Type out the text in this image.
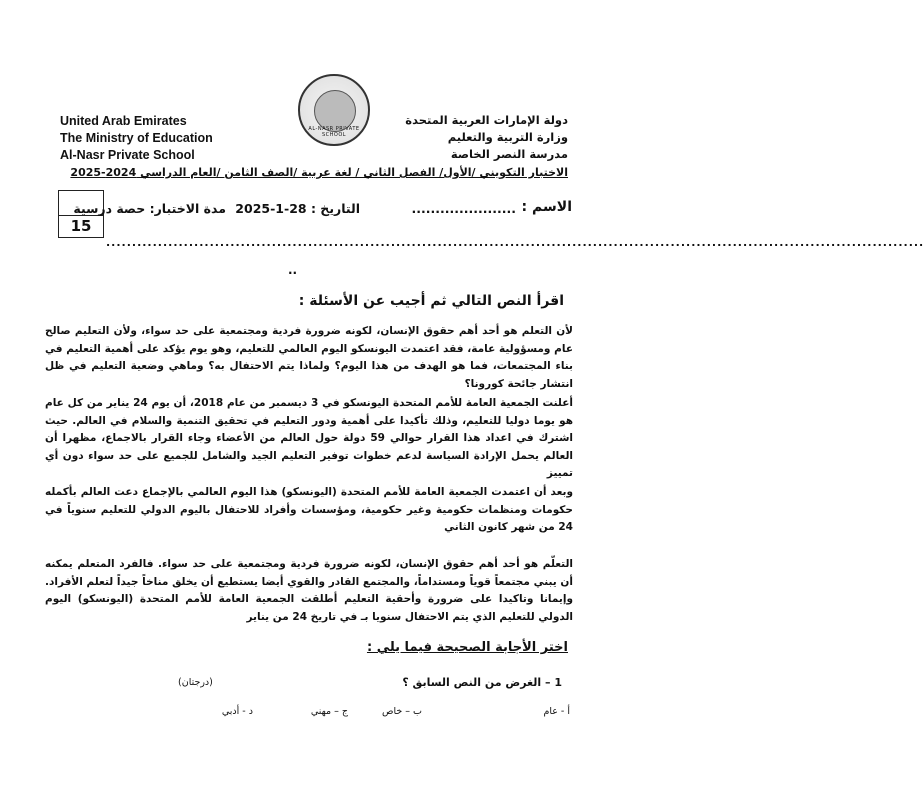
United Arab Emirates
The Ministry of Education
Al-Nasr Private School
AL-NASR PRIVATE SCHOOL
دولة الإمارات العربية المتحدة
وزارة التربية والتعليم
مدرسة النصر الخاصة
الاختبار التكويني /الأول/ الفصل الثاني / لغة عربية /الصف الثامن /العام الدراسي 2024-2025
15
الاسم :
......................
التاريخ : 28-1-2025
مدة الاختبار: حصة درسية
..............................................................................................................................................................
..
اقرأ النص التالي ثم أجيب عن الأسئلة :
لأن التعلم هو أحد أهم حقوق الإنسان، لكونه ضرورة فردية ومجتمعية على حد سواء، ولأن التعليم صالح عام ومسؤولية عامة، فقد اعتمدت اليونسكو اليوم العالمي للتعليم، وهو يوم يؤكد على أهمية التعليم في بناء المجتمعات، فما هو الهدف من هذا اليوم؟ ولماذا يتم الاحتفال به؟ وماهي وضعية التعليم في ظل انتشار جائحة كورونا؟
أعلنت الجمعية العامة للأمم المتحدة اليونسكو في 3 ديسمبر من عام 2018، أن يوم 24 يناير من كل عام هو يوما دوليا للتعليم، وذلك تأكيدا على أهمية ودور التعليم في تحقيق التنمية والسلام في العالم. حيث اشترك في اعداد هذا القرار حوالي 59 دولة حول العالم من الأعضاء وجاء القرار بالاجماع، مظهرا أن العالم يحمل الإرادة السياسة لدعم خطوات توفير التعليم الجيد والشامل للجميع على حد سواء دون أي تمييز
وبعد أن اعتمدت الجمعية العامة للأمم المتحدة (اليونسكو) هذا اليوم العالمي بالإجماع دعت العالم بأكمله حكومات ومنظمات حكومية وغير حكومية، ومؤسسات وأفراد للاحتفال باليوم الدولي للتعليم سنوياً في 24 من شهر كانون الثاني
التعلّم هو أحد أهم حقوق الإنسان، لكونه ضرورة فردية ومجتمعية على حد سواء. فالفرد المتعلم يمكنه أن يبني مجتمعاً قوياً ومستداماً، والمجتمع القادر والقوي أيضا يستطيع أن يخلق مناخاً جيداً لتعلم الأفراد. وإيمانا وتاكيدا على ضرورة وأحقية التعليم أطلقت الجمعية العامة للأمم المتحدة (اليونسكو) اليوم الدولي للتعليم الذي يتم الاحتفال سنويا بـ في تاريخ 24 من يناير
اختر الأجابة الصحيحة فيما يلي :
1 – الغرض من النص السابق ؟
(درجتان)
أ - عام
ب – خاص
ج – مهني
د - أدبي
